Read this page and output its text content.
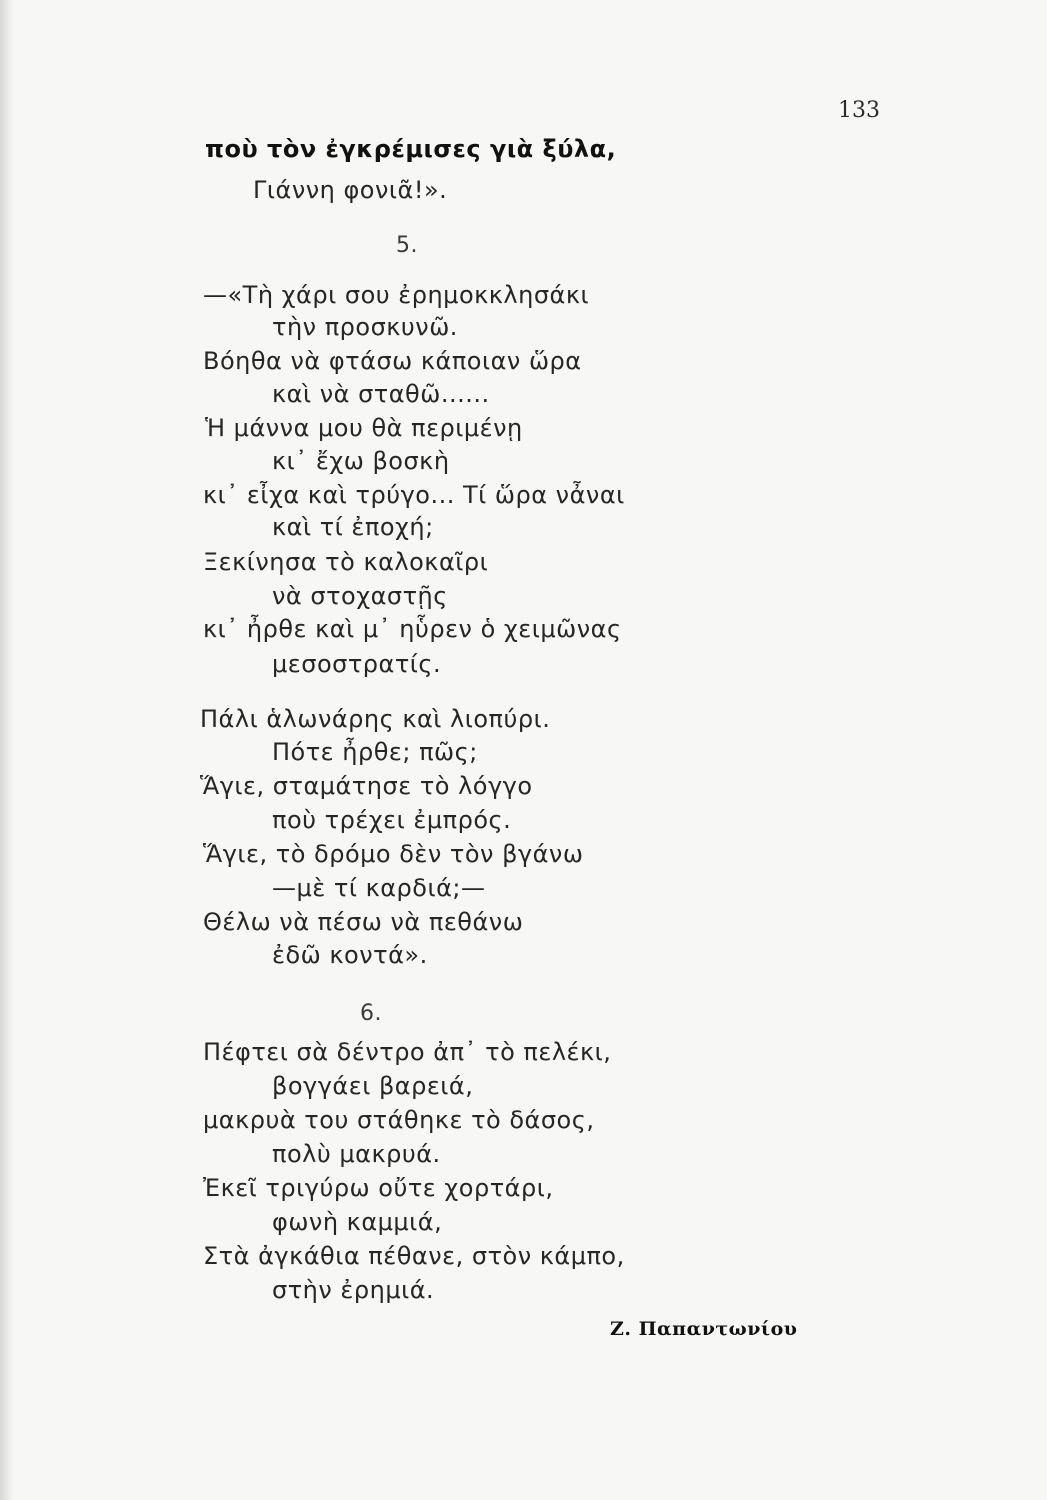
133
ποὺ τὸν ἐγκρέμισες γιὰ ξύλα,
Γιάννη φονιᾶ!».
5.
—«Τὴ χάρι σου ἐρημοκκλησάκι
τὴν προσκυνῶ.
Βόηθα νὰ φτάσω κάποιαν ὥρα
καὶ νὰ σταθῶ......
Ἡ μάννα μου θὰ περιμένῃ
κι᾽ ἔχω βοσκὴ
κι᾽ εἶχα καὶ τρύγο... Τί ὥρα νἆναι
καὶ τί ἐποχή;
Ξεκίνησα τὸ καλοκαῖρι
νὰ στοχαστῇς
κι᾽ ἦρθε καὶ μ᾽ ηὗρεν ὁ χειμῶνας
μεσοστρατίς.
Πάλι ἁλωνάρης καὶ λιοπύρι.
Πότε ἦρθε; πῶς;
Ἅγιε, σταμάτησε τὸ λόγγο
ποὺ τρέχει ἐμπρός.
Ἅγιε, τὸ δρόμο δὲν τὸν βγάνω
—μὲ τί καρδιά;—
Θέλω νὰ πέσω νὰ πεθάνω
ἐδῶ κοντά».
6.
Πέφτει σὰ δέντρο ἀπ᾽ τὸ πελέκι,
βογγάει βαρειά,
μακρυὰ του στάθηκε τὸ δάσος,
πολὺ μακρυά.
Ἐκεῖ τριγύρω οὔτε χορτάρι,
φωνὴ καμμιά,
Στὰ ἀγκάθια πέθανε, στὸν κάμπο,
στὴν ἐρημιά.
Ζ. Παπαντωνίου
